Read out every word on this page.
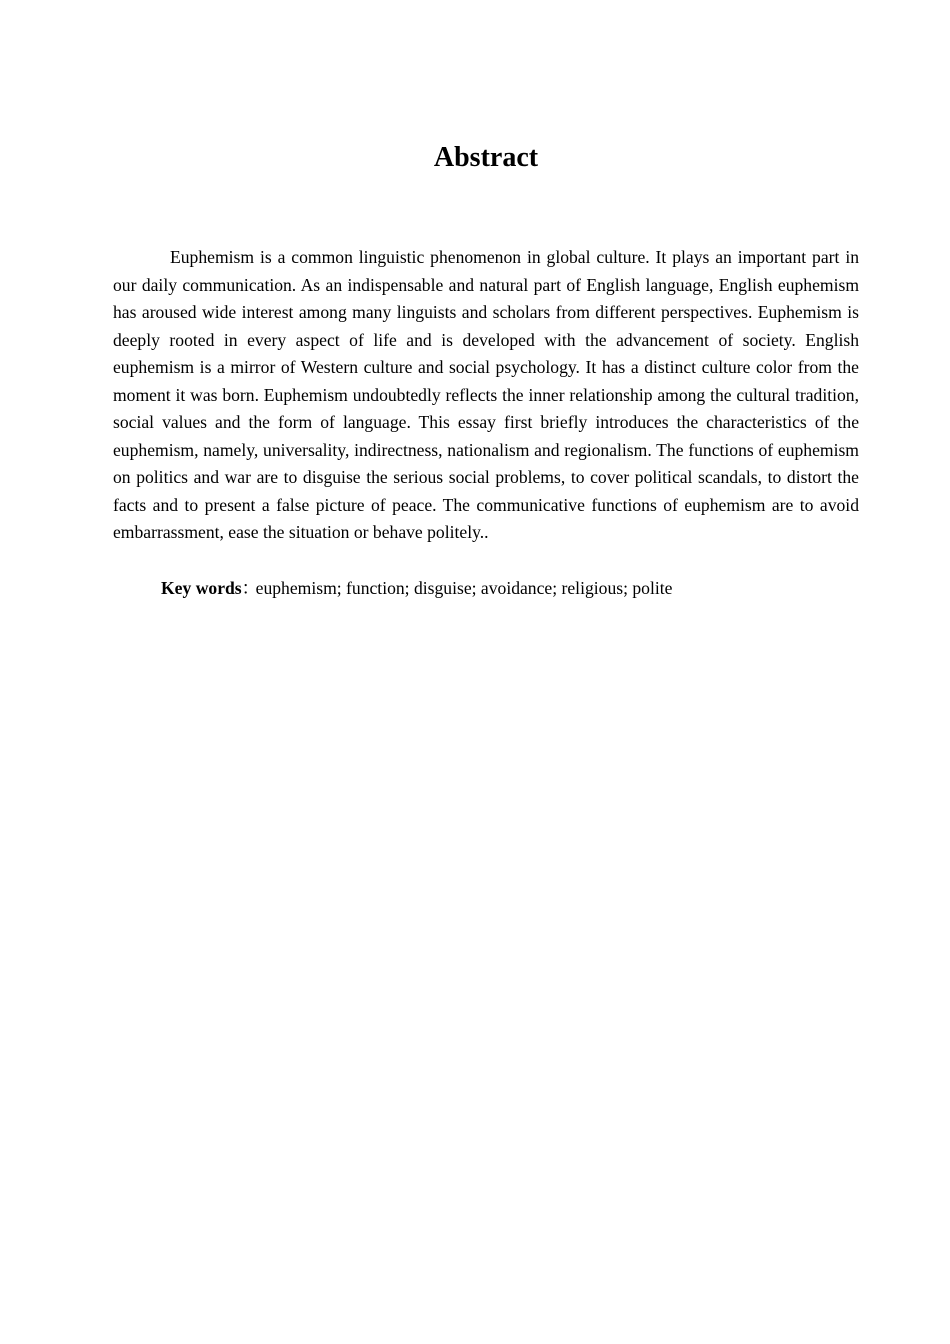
Abstract

Euphemism is a common linguistic phenomenon in global culture. It plays an important part in our daily communication. As an indispensable and natural part of English language, English euphemism has aroused wide interest among many linguists and scholars from different perspectives. Euphemism is deeply rooted in every aspect of life and is developed with the advancement of society. English euphemism is a mirror of Western culture and social psychology. It has a distinct culture color from the moment it was born. Euphemism undoubtedly reflects the inner relationship among the cultural tradition, social values and the form of language. This essay first briefly introduces the characteristics of the euphemism, namely, universality, indirectness, nationalism and regionalism. The functions of euphemism on politics and war are to disguise the serious social problems, to cover political scandals, to distort the facts and to present a false picture of peace. The communicative functions of euphemism are to avoid embarrassment, ease the situation or behave politely..

Key words：euphemism; function; disguise; avoidance; religious; polite
